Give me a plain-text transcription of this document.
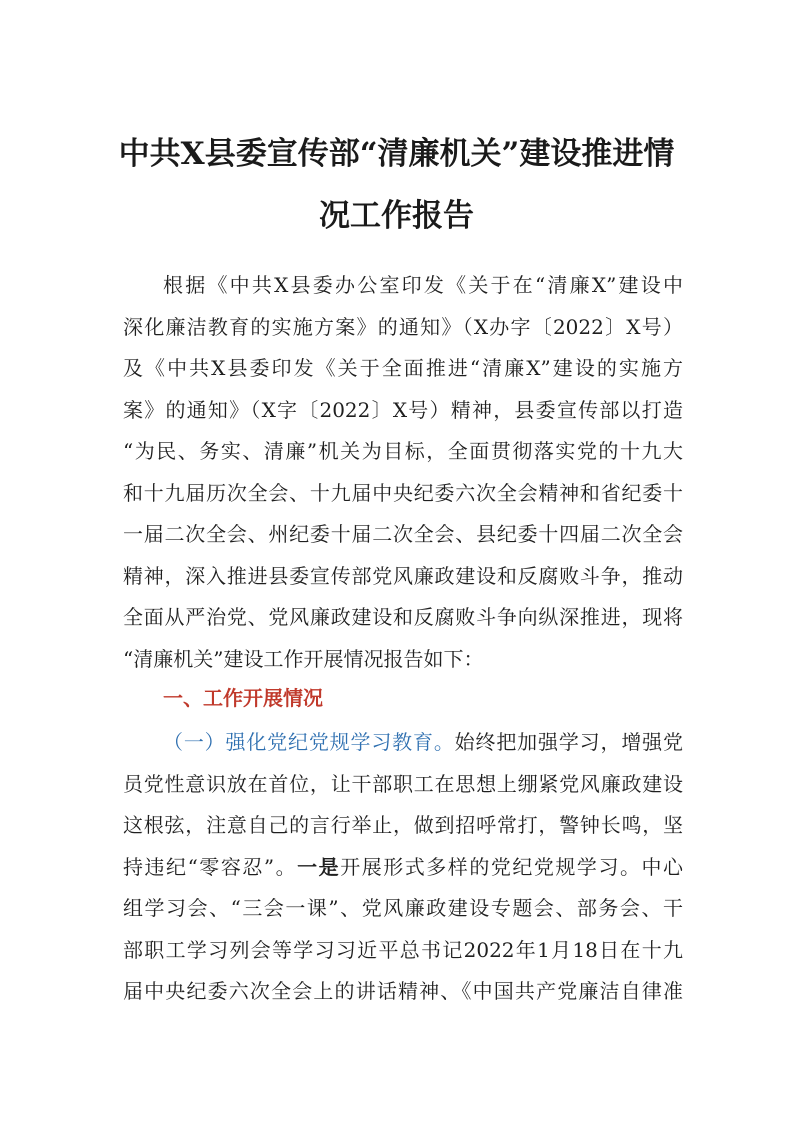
中共X县委宣传部“清廉机关”建设推进情
况工作报告
根据《中共X县委办公室印发《关于在“清廉X”建设中
深化廉洁教育的实施方案》的通知》（X办字〔2022〕X号）
及《中共X县委印发《关于全面推进“清廉X”建设的实施方
案》的通知》（X字〔2022〕X号）精神，县委宣传部以打造
“为民、务实、清廉”机关为目标，全面贯彻落实党的十九大
和十九届历次全会、十九届中央纪委六次全会精神和省纪委十
一届二次全会、州纪委十届二次全会、县纪委十四届二次全会
精神，深入推进县委宣传部党风廉政建设和反腐败斗争，推动
全面从严治党、党风廉政建设和反腐败斗争向纵深推进，现将
“清廉机关”建设工作开展情况报告如下：
一、工作开展情况
（一）强化党纪党规学习教育。始终把加强学习，增强党
员党性意识放在首位，让干部职工在思想上绷紧党风廉政建设
这根弦，注意自己的言行举止，做到招呼常打，警钟长鸣，坚
持违纪“零容忍”。一是开展形式多样的党纪党规学习。中心
组学习会、“三会一课”、党风廉政建设专题会、部务会、干
部职工学习列会等学习习近平总书记2022年1月18日在十九
届中央纪委六次全会上的讲话精神、《中国共产党廉洁自律准
